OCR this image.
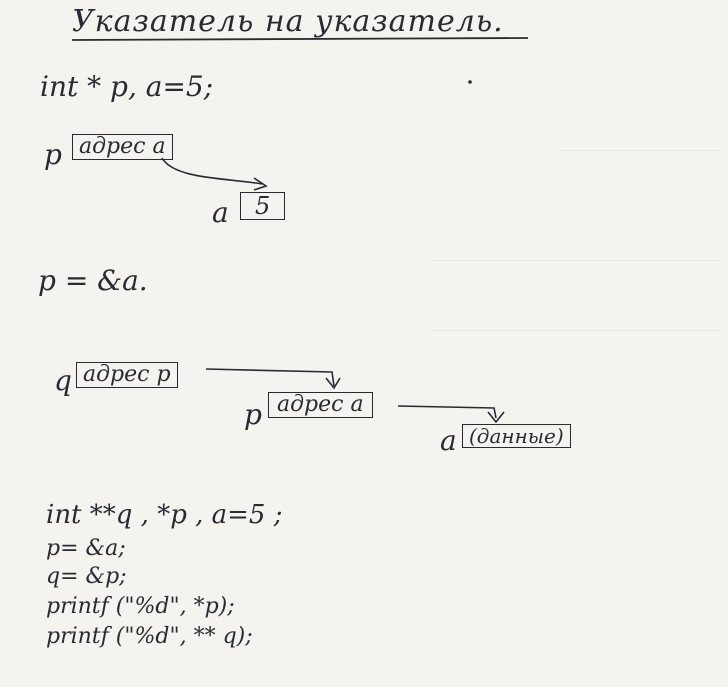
Указатель на указатель.
int * p, a=5;
p адрес a
a	5
p = &a.
q адрес p
p адрес a
a (данные)
int **q , *p , a=5 ;
p= &a;
q= &p;
printf ("%d", *p);
printf ("%d", ** q);
